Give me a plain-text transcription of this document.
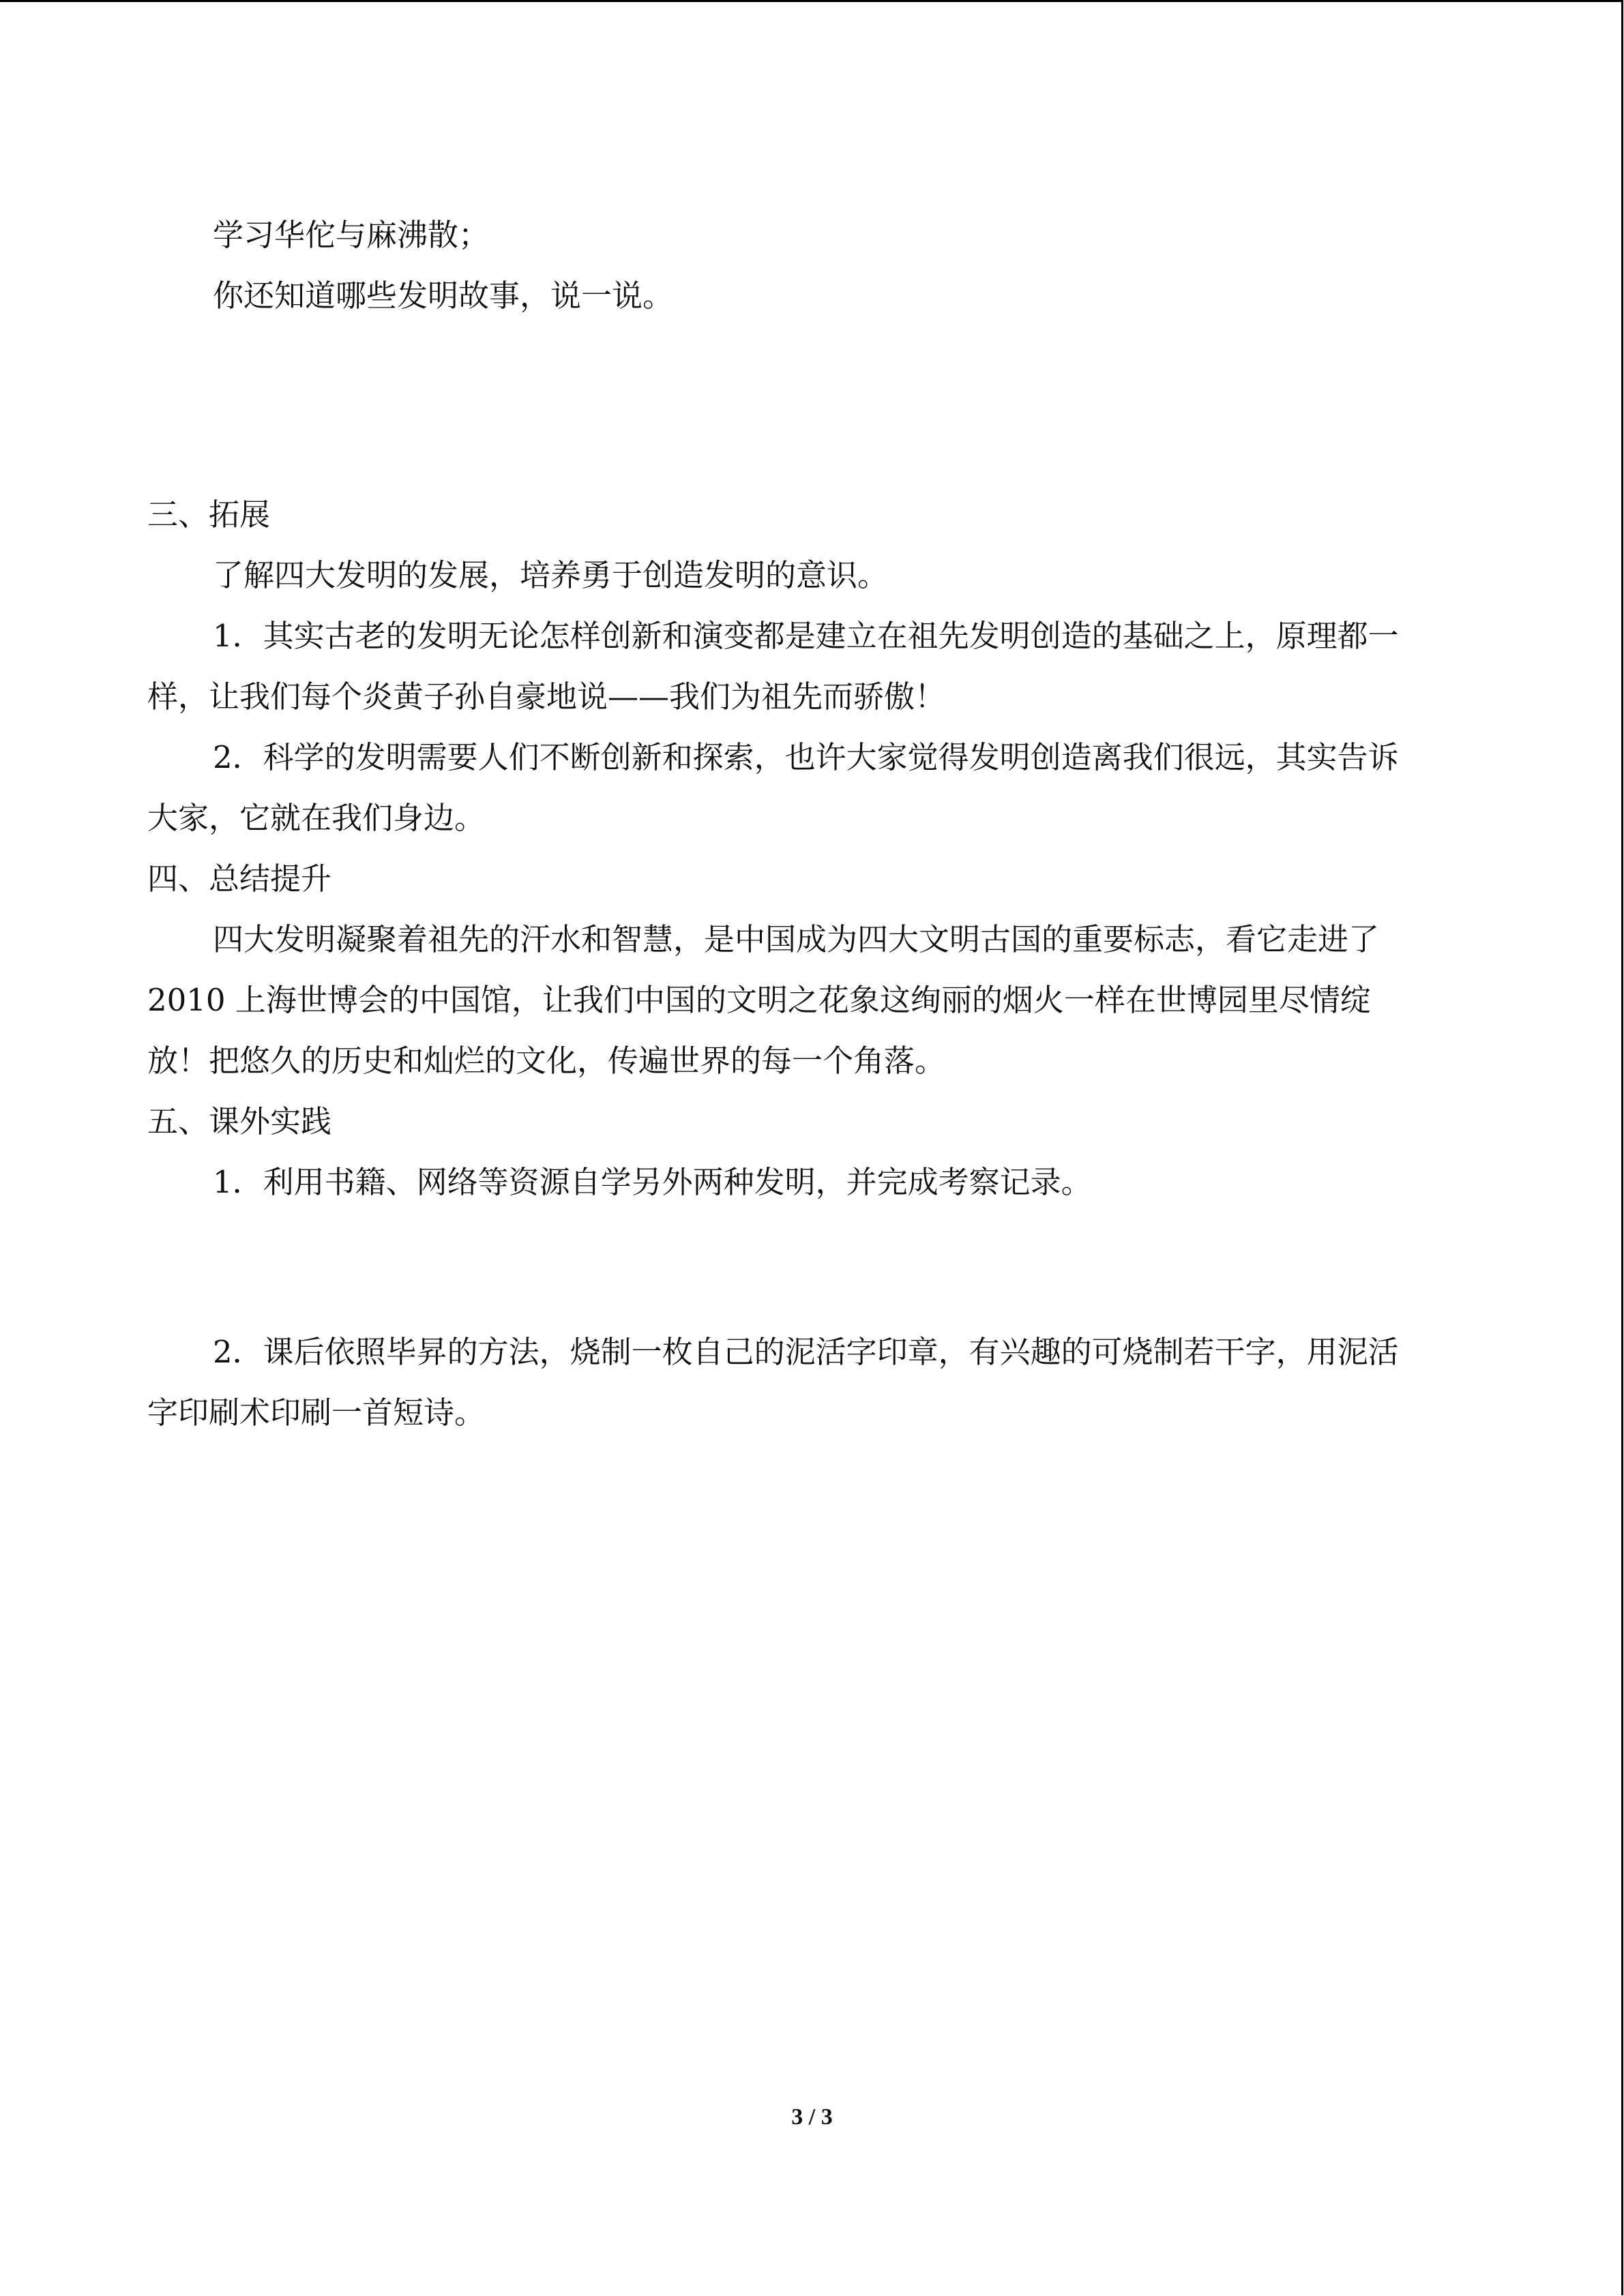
学习华佗与麻沸散；
你还知道哪些发明故事，说一说。
三、拓展
了解四大发明的发展，培养勇于创造发明的意识。
1．其实古老的发明无论怎样创新和演变都是建立在祖先发明创造的基础之上，原理都一
样，让我们每个炎黄子孙自豪地说——我们为祖先而骄傲！
2．科学的发明需要人们不断创新和探索，也许大家觉得发明创造离我们很远，其实告诉
大家，它就在我们身边。
四、总结提升
四大发明凝聚着祖先的汗水和智慧，是中国成为四大文明古国的重要标志，看它走进了
2010 上海世博会的中国馆，让我们中国的文明之花象这绚丽的烟火一样在世博园里尽情绽
放！把悠久的历史和灿烂的文化，传遍世界的每一个角落。
五、课外实践
1．利用书籍、网络等资源自学另外两种发明，并完成考察记录。
2．课后依照毕昇的方法，烧制一枚自己的泥活字印章，有兴趣的可烧制若干字，用泥活
字印刷术印刷一首短诗。
3 / 3
